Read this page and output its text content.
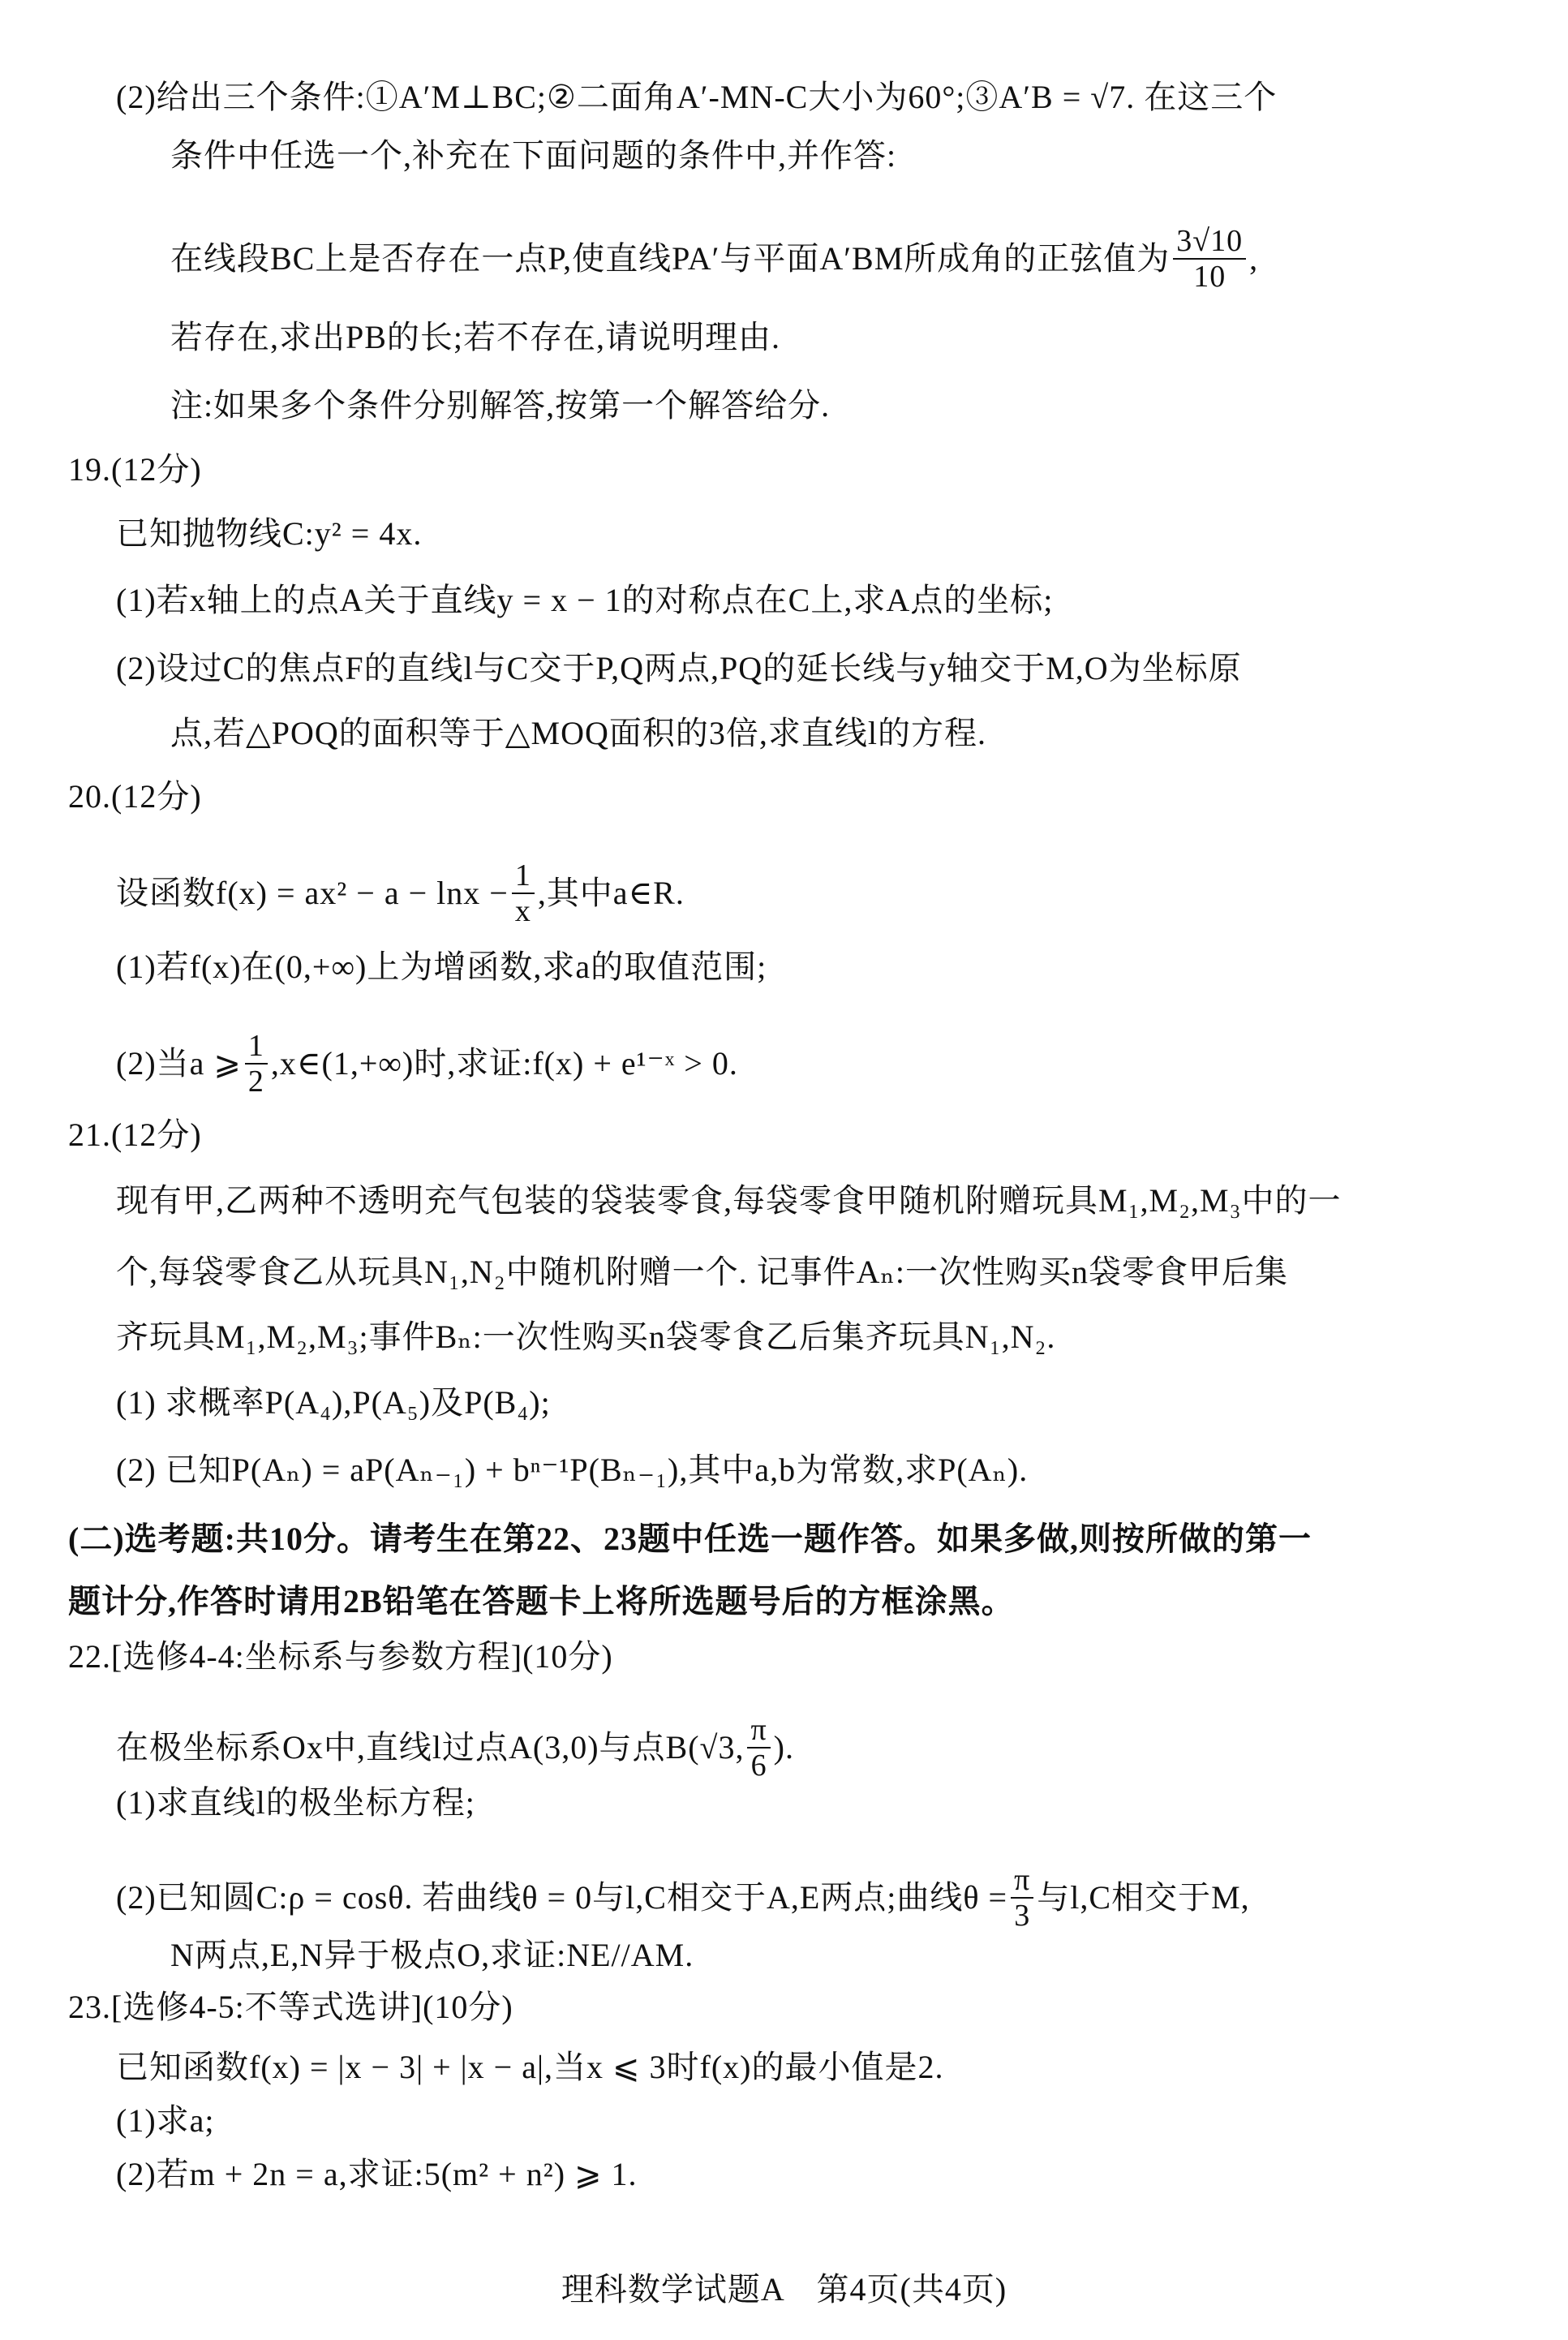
(2)给出三个条件:①A′M⊥BC;②二面角A′-MN-C大小为60°;③A′B = √7. 在这三个
条件中任选一个,补充在下面问题的条件中,并作答:
在线段BC上是否存在一点P,使直线PA′与平面A′BM所成角的正弦值为 $\frac{3√10}{10}$ ,
若存在,求出PB的长;若不存在,请说明理由.
注:如果多个条件分别解答,按第一个解答给分.
19.(12分)
已知抛物线C:y² = 4x.
(1)若x轴上的点A关于直线y = x − 1的对称点在C上,求A点的坐标;
(2)设过C的焦点F的直线l与C交于P,Q两点,PQ的延长线与y轴交于M,O为坐标原
点,若△POQ的面积等于△MOQ面积的3倍,求直线l的方程.
20.(12分)
设函数$f(x) = ax^2 - a - \ln x - \frac{1}{x}$ ,其中a∈R.
(1)若f(x)在(0,+∞)上为增函数,求a的取值范围;
(2)当a ⩾ $\frac{1}{2}$ ,x∈(1,+∞)时,求证:f(x) + e¹⁻ˣ > 0.
21.(12分)
现有甲,乙两种不透明充气包装的袋装零食,每袋零食甲随机附赠玩具M₁,M₂,M₃中的一
个,每袋零食乙从玩具N₁,N₂中随机附赠一个. 记事件Aₙ:一次性购买n袋零食甲后集
齐玩具M₁,M₂,M₃;事件Bₙ:一次性购买n袋零食乙后集齐玩具N₁,N₂.
(1) 求概率P(A₄),P(A₅)及P(B₄);
(2) 已知P(Aₙ) = aP(Aₙ₋₁) + bⁿ⁻¹P(Bₙ₋₁),其中a,b为常数,求P(Aₙ).
(二)选考题:共10分。请考生在第22、23题中任选一题作答。如果多做,则按所做的第一
题计分,作答时请用2B铅笔在答题卡上将所选题号后的方框涂黑。
22.[选修4-4:坐标系与参数方程](10分)
在极坐标系Ox中,直线l过点A(3,0)与点B(√3, $\frac{\pi}{6}$ ).
(1)求直线l的极坐标方程;
(2)已知圆C:ρ = cosθ. 若曲线θ = 0与l,C相交于A,E两点;曲线$\theta = \frac{\pi}{3}$ 与l,C相交于M,
N两点,E,N异于极点O,求证:NE//AM.
23.[选修4-5:不等式选讲](10分)
已知函数f(x) = |x − 3| + |x − a|,当x ⩽ 3时f(x)的最小值是2.
(1)求a;
(2)若m + 2n = a,求证:5(m² + n²) ⩾ 1.
理科数学试题A　第4页(共4页)
